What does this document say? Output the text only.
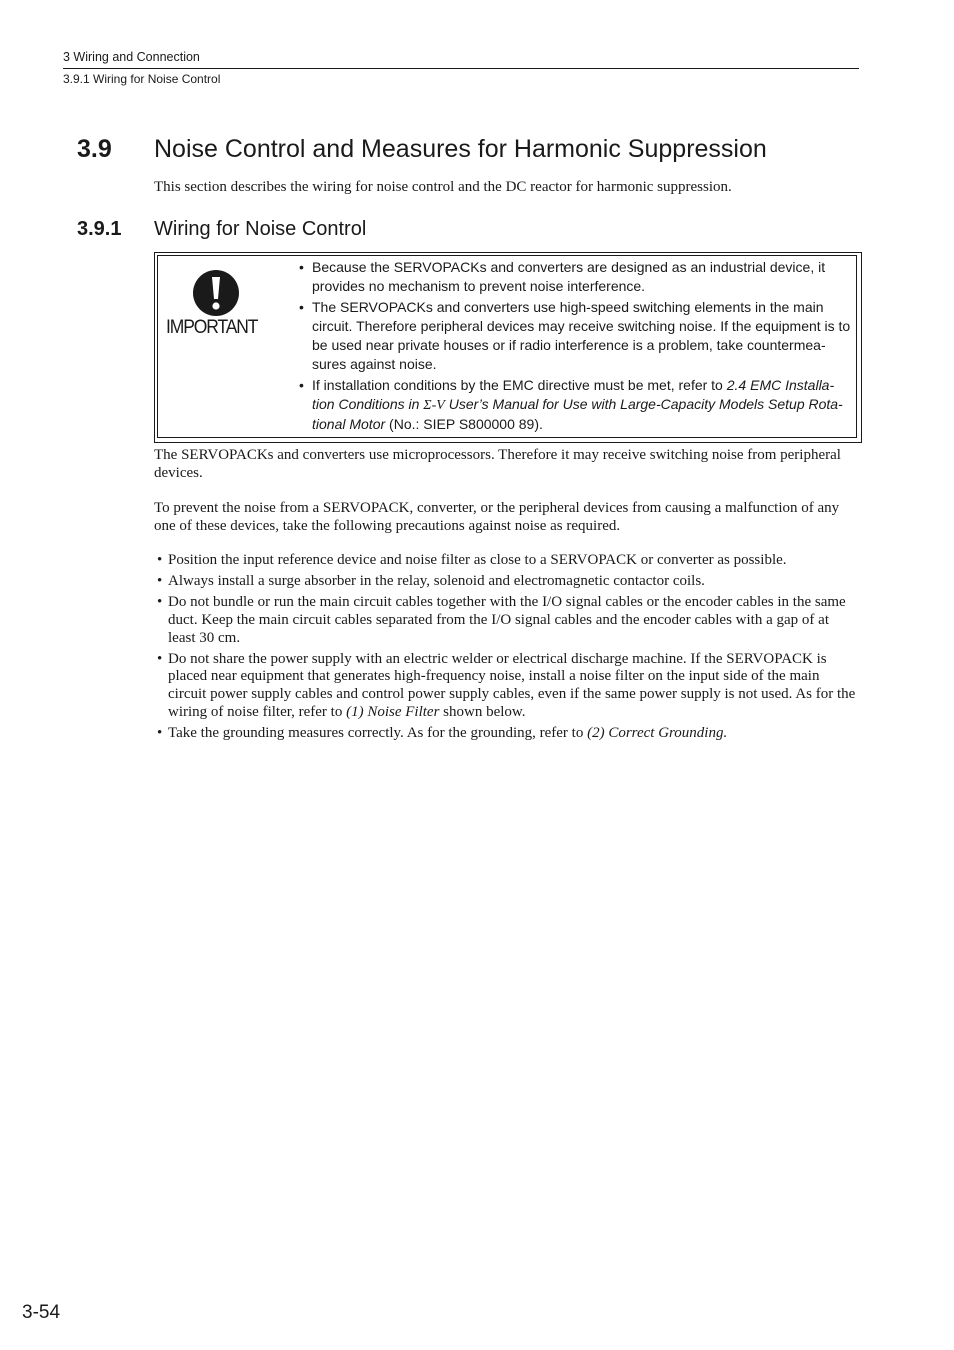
3 Wiring and Connection
3.9.1 Wiring for Noise Control
3.9 Noise Control and Measures for Harmonic Suppression
This section describes the wiring for noise control and the DC reactor for harmonic suppression.
3.9.1 Wiring for Noise Control
IMPORTANT
• Because the SERVOPACKs and converters are designed as an industrial device, it provides no mechanism to prevent noise interference.
• The SERVOPACKs and converters use high-speed switching elements in the main circuit. Therefore peripheral devices may receive switching noise. If the equipment is to be used near private houses or if radio interference is a problem, take countermea-sures against noise.
• If installation conditions by the EMC directive must be met, refer to 2.4 EMC Installa-tion Conditions in Σ-V User’s Manual for Use with Large-Capacity Models Setup Rota-tional Motor (No.: SIEP S800000 89).
The SERVOPACKs and converters use microprocessors. Therefore it may receive switching noise from peripheral devices.
To prevent the noise from a SERVOPACK, converter, or the peripheral devices from causing a malfunction of any one of these devices, take the following precautions against noise as required.
• Position the input reference device and noise filter as close to a SERVOPACK or converter as possible.
• Always install a surge absorber in the relay, solenoid and electromagnetic contactor coils.
• Do not bundle or run the main circuit cables together with the I/O signal cables or the encoder cables in the same duct. Keep the main circuit cables separated from the I/O signal cables and the encoder cables with a gap of at least 30 cm.
• Do not share the power supply with an electric welder or electrical discharge machine. If the SERVOPACK is placed near equipment that generates high-frequency noise, install a noise filter on the input side of the main circuit power supply cables and control power supply cables, even if the same power supply is not used. As for the wiring of noise filter, refer to (1) Noise Filter shown below.
• Take the grounding measures correctly. As for the grounding, refer to (2) Correct Grounding.
3-54
